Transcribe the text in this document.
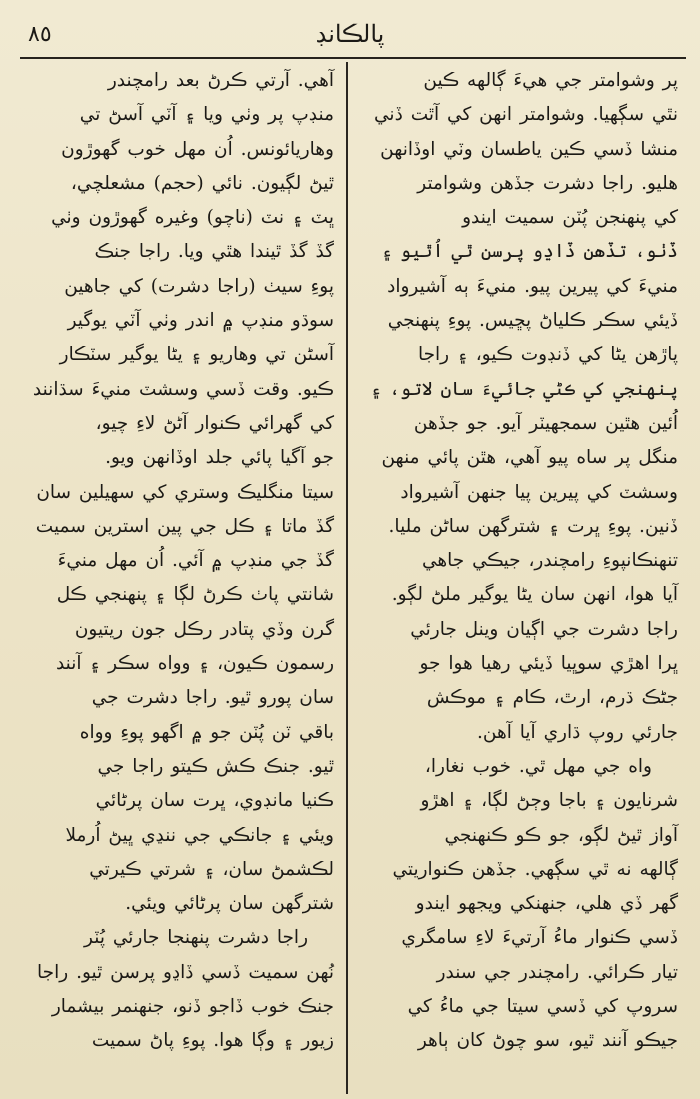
٨٥	پالڪانڊ

پر وشوامتر جي هيءَ ڳالهه ڪين

نٿي سڳهيا. وشوامتر انهن کي آٿت ڏني

منشا ڏسي ڪين ياطسان وٽي اوڏانهن

هليو. راجا دشرت جڏهن وشوامتر

کي پنهنجن پُٽن سميت ايندو

ڏٺو، تڏهن ڏاڍو پرسن ٿي اُٿيو ۽

منيءَ کي پيرين پيو. منيءَ ٻه آشيرواد

ڏيئي سڪر ڪلياڻ پڇيس. پوءِ پنهنجي

پاڙهن يڻا کي ڏنڊوت ڪيو، ۽ راجا

پنهنجي کي ڪڻي جائيءَ سان لاتو، ۽

اُئين هٿين سمجهيٽر آيو. جو جڏهن

منگل پر ساه پيو آهي، هٿن پائي منهن

وسشٽ کي پيرين پيا جنهن آشيرواد

ڏنين. پوءِ ڀرت ۽ شترگهن ساڻن مليا.

تنهنڪانپوءِ رامچندر، جيڪي جاهي

آيا هوا، انهن سان يڻا يوگير ملڻ لڳو.

راجا دشرت جي اڳيان وينل جارئي

ڀرا اهڙي سوڀيا ڏيئي رهيا هوا جو

جڻڪ ڌرم، ارٿ، ڪام ۽ موڪش

جارئي روپ ڌاري آيا آهن.

واه جي مهل ٿي. خوب نغارا،

شرنايون ۽ باجا وڄڻ لڳا، ۽ اهڙو

آواز ٿيڻ لڳو، جو ڪو ڪنهنجي

ڳالهه نه ٿي سڳهي. جڏهن ڪنواريتي

گهر ڏي هلي، جنهنکي ويجهو ايندو

ڏسي ڪنوار ماءُ آرتيءَ لاءِ سامگري

تيار ڪرائي. رامچندر جي سندر

سروپ کي ڏسي سيتا جي ماءُ کي

جيڪو آنند ٿيو، سو چوڻ کان ٻاهر

آهي. آرتي ڪرڻ بعد رامچندر

منڊپ پر وٺي ويا ۽ آٽي آسڻ تي

وهاريائونس. اُن مهل خوب گهوڙون

ٿيڻ لڳيون. نائي (حجم) مشعلچي،

ڀٽ ۽ نٽ (ناچو) وغيره گهوڙون وٺي

گڏ گڏ ٿيندا هٿي ويا. راجا جنڪ

پوءِ سيٺ (راجا دشرت) کي جاهين

سوڌو منڊپ ۾ اندر وٺي آٽي يوگير

آسڻن تي وهاريو ۽ يڻا يوگير سٽڪار

ڪيو. وقت ڏسي وسشٽ منيءَ سڌانند

کي گهرائي ڪنوار آڻڻ لاءِ چيو،

جو آگيا پائي جلد اوڏانهن ويو.

سيتا منگليڪ وستري کي سهيلين سان

گڏ ماتا ۽ ڪل جي پين استرين سميت

گڏ جي منڊپ ۾ آئي. اُن مهل منيءَ

شانتي پاٺ ڪرڻ لڳا ۽ پنهنجي ڪل

گرن وڏي پتادر رڪل جون ريتيون

رسمون ڪيون، ۽ وواه سڪر ۽ آنند

سان پورو ٿيو. راجا دشرت جي

باقي ٽن پُٽن جو ۾ اگهو پوءِ وواه

ٿيو. جنڪ ڪش ڪيتو راجا جي

ڪنيا مانڊوي، ڀرت سان پرڻائي

ويئي ۽ جانڪي جي ننڍي ڀيڻ اُرملا

لڪشمڻ سان، ۽ شرتي ڪيرتي

شترگهن سان پرڻائي ويئي.

راجا دشرت پنهنجا جارئي پُٽر

نُهن سميت ڏسي ڏاڍو پرسن ٿيو. راجا

جنڪ خوب ڏاجو ڏنو، جنهنمر بيشمار

زيور ۽ وڳا هوا. پوءِ پاڻ سميت
